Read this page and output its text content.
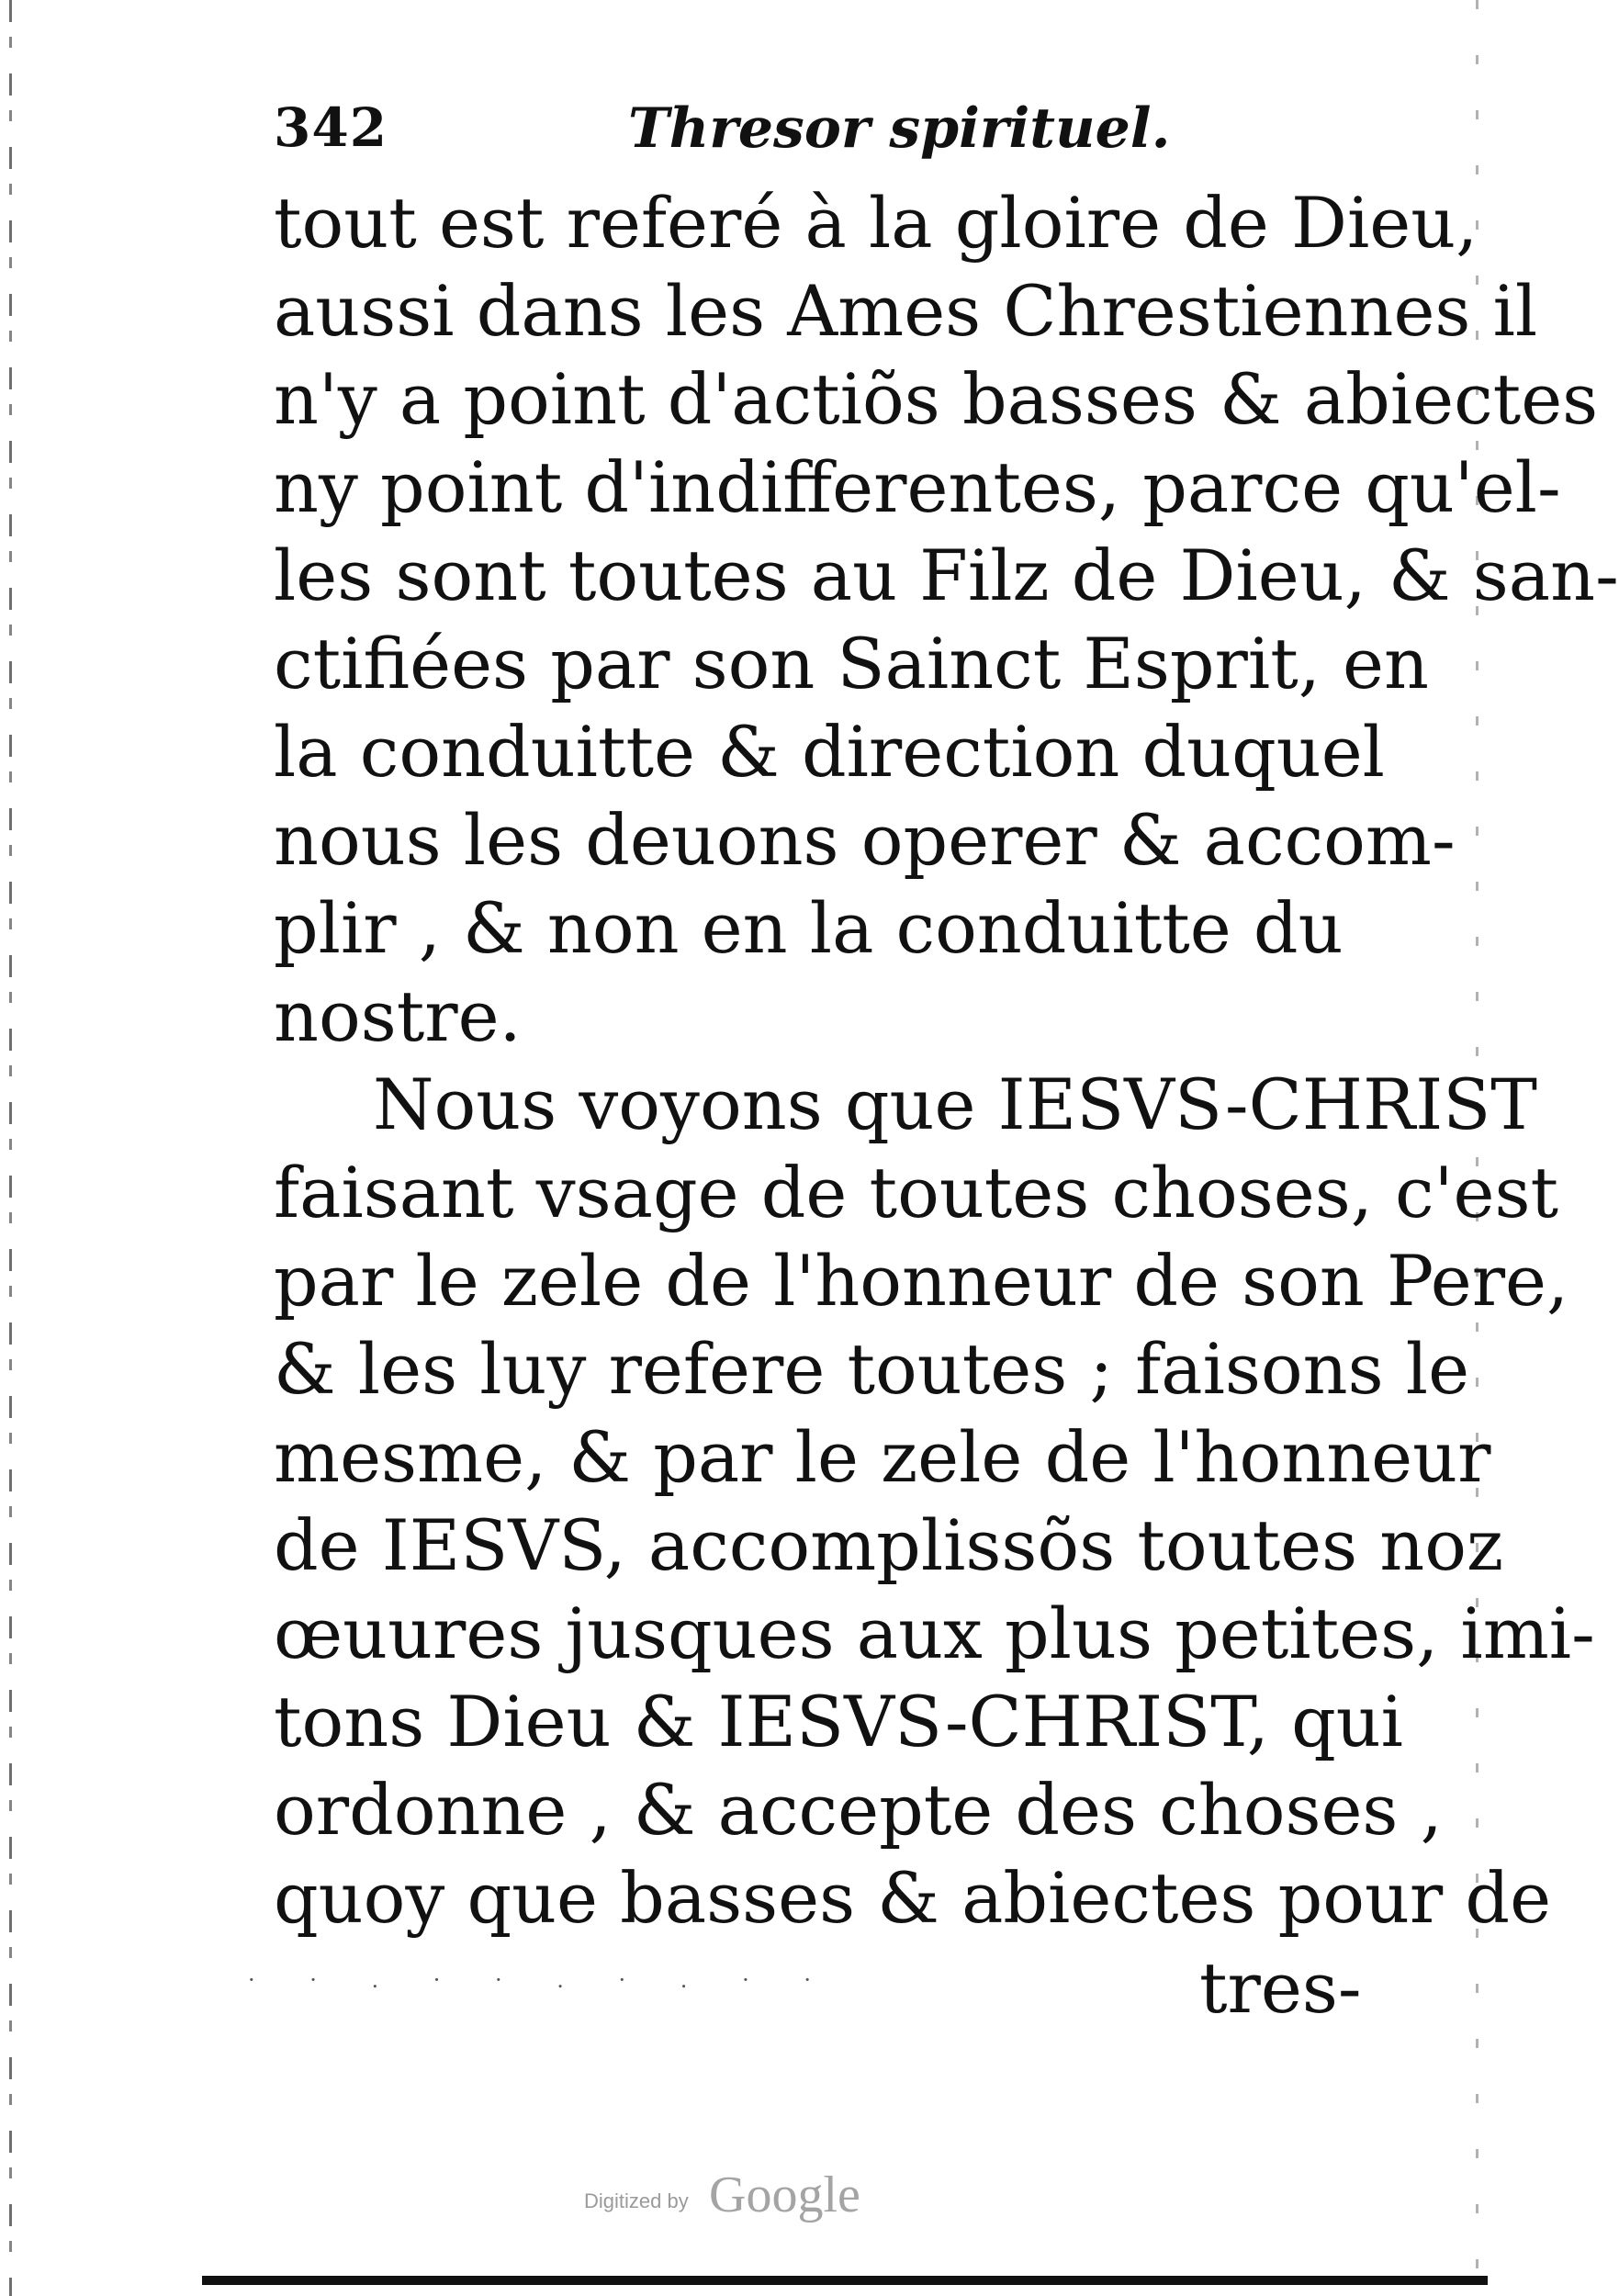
342	Thresor spirituel.
tout est referé à la gloire de Dieu,
aussi dans les Ames Chrestiennes il
n'y a point d'actiõs basses & abiectes
ny point d'indifferentes, parce qu'el-
les sont toutes au Filz de Dieu, & san-
ctifiées par son Sainct Esprit, en
la conduitte & direction duquel
nous les deuons operer & accom-
plir , & non en la conduitte du
nostre.
Nous voyons que IESVS-CHRIST
faisant vsage de toutes choses, c'est
par le zele de l'honneur de son Pere,
& les luy refere toutes ; faisons le
mesme, & par le zele de l'honneur
de IESVS, accomplissõs toutes noz
œuures jusques aux plus petites, imi-
tons Dieu & IESVS-CHRIST, qui
ordonne , & accepte des choses ,
quoy que basses & abiectes pour de
· · . · · . · . · ·	tres-
Digitized by Google
